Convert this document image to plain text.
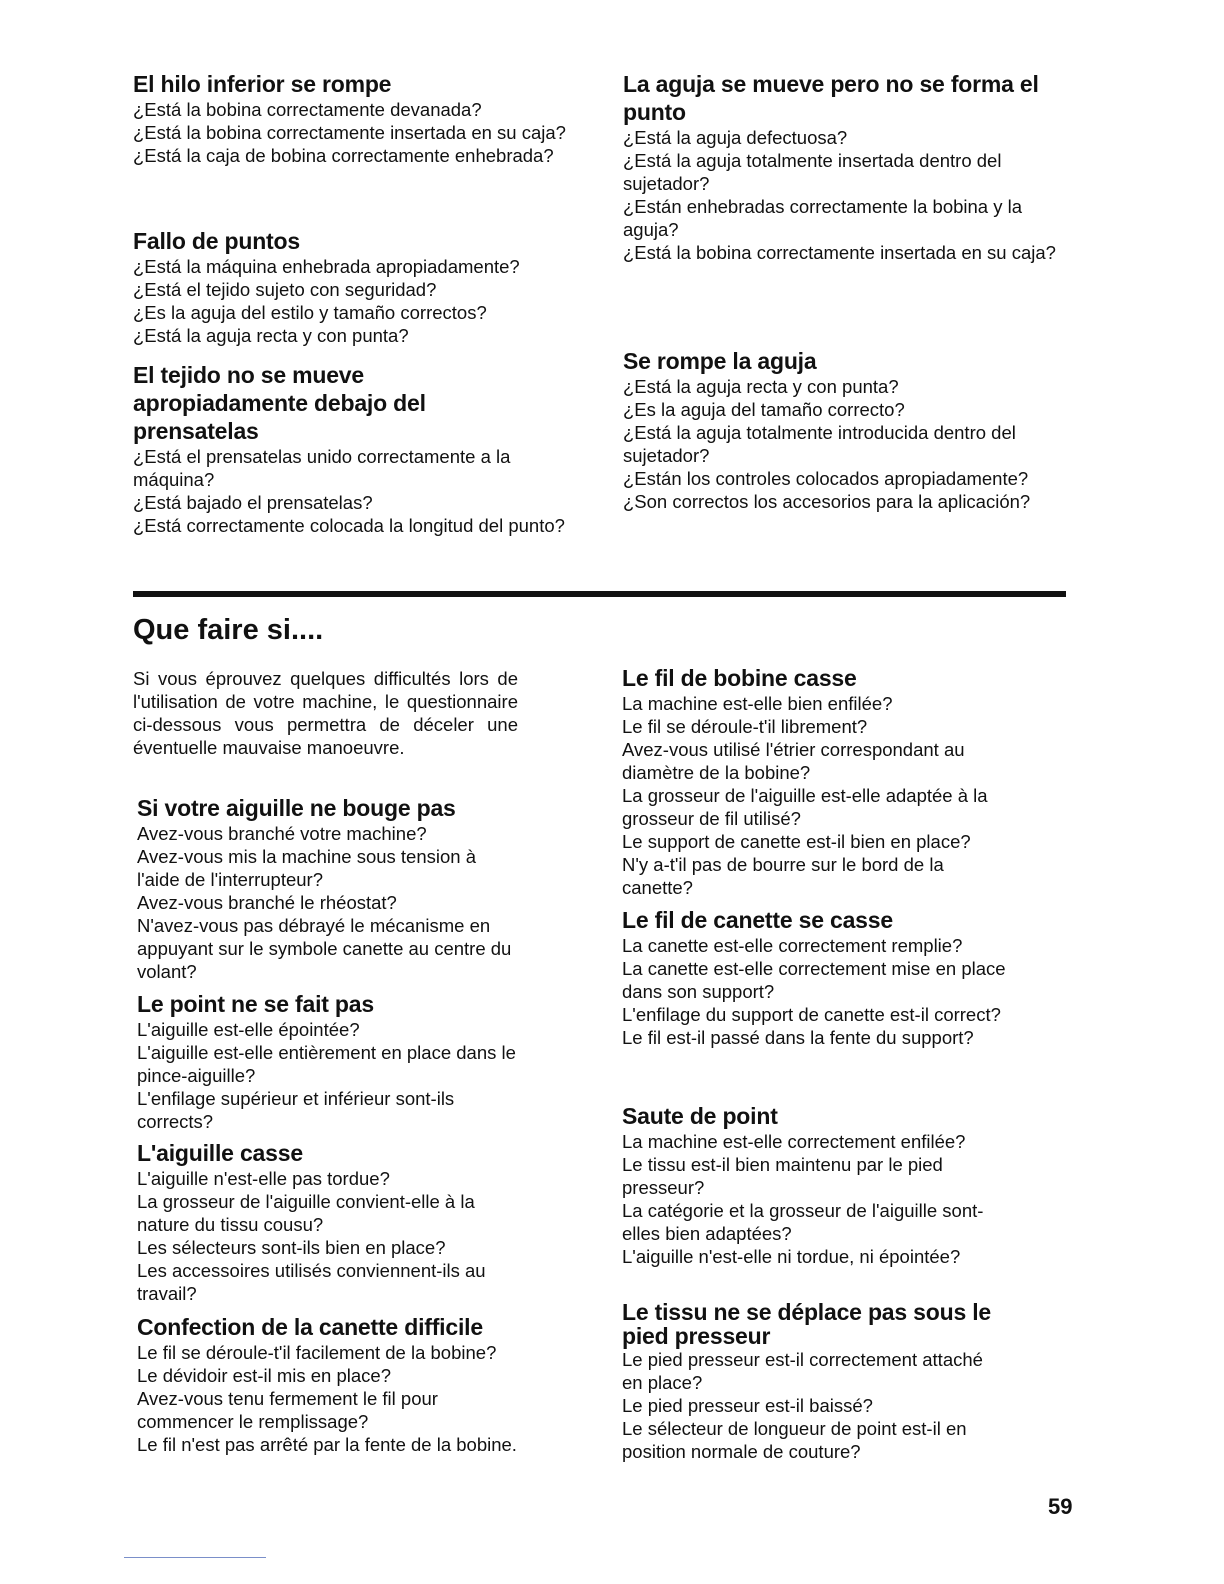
El hilo inferior se rompe

¿Está la bobina correctamente devanada?
¿Está la bobina correctamente insertada en su caja?
¿Está la caja de bobina correctamente enhebrada?

Fallo de puntos

¿Está la máquina enhebrada apropiadamente?
¿Está el tejido sujeto con seguridad?
¿Es la aguja del estilo y tamaño correctos?
¿Está la aguja recta y con punta?

El tejido no se mueve apropiadamente debajo del prensatelas

¿Está el prensatelas unido correctamente a la máquina?
¿Está bajado el prensatelas?
¿Está correctamente colocada la longitud del punto?

La aguja se mueve pero no se forma el punto

¿Está la aguja defectuosa?
¿Está la aguja totalmente insertada dentro del sujetador?
¿Están enhebradas correctamente la bobina y la aguja?
¿Está la bobina correctamente insertada en su caja?

Se rompe la aguja

¿Está la aguja recta y con punta?
¿Es la aguja del tamaño correcto?
¿Está la aguja totalmente introducida dentro del sujetador?
¿Están los controles colocados apropiadamente?
¿Son correctos los accesorios para la aplicación?

Que faire si....

Si vous éprouvez quelques difficultés lors de l'utilisation de votre machine, le questionnaire ci-dessous vous permettra de déceler une éventuelle mauvaise manoeuvre.

Si votre aiguille ne bouge pas

Avez-vous branché votre machine?
Avez-vous mis la machine sous tension à l'aide de l'interrupteur?
Avez-vous branché le rhéostat?
N'avez-vous pas débrayé le mécanisme en appuyant sur le symbole canette au centre du volant?

Le point ne se fait pas

L'aiguille est-elle épointée?
L'aiguille est-elle entièrement en place dans le pince-aiguille?
L'enfilage supérieur et inférieur sont-ils corrects?

L'aiguille casse

L'aiguille n'est-elle pas tordue?
La grosseur de l'aiguille convient-elle à la nature du tissu cousu?
Les sélecteurs sont-ils bien en place?
Les accessoires utilisés conviennent-ils au travail?

Confection de la canette difficile

Le fil se déroule-t'il facilement de la bobine?
Le dévidoir est-il mis en place?
Avez-vous tenu fermement le fil pour commencer le remplissage?
Le fil n'est pas arrêté par la fente de la bobine.

Le fil de bobine casse

La machine est-elle bien enfilée?
Le fil se déroule-t'il librement?
Avez-vous utilisé l'étrier correspondant au diamètre de la bobine?
La grosseur de l'aiguille est-elle adaptée à la grosseur de fil utilisé?
Le support de canette est-il bien en place?
N'y a-t'il pas de bourre sur le bord de la canette?

Le fil de canette se casse

La canette est-elle correctement remplie?
La canette est-elle correctement mise en place dans son support?
L'enfilage du support de canette est-il correct?
Le fil est-il passé dans la fente du support?

Saute de point

La machine est-elle correctement enfilée?
Le tissu est-il bien maintenu par le pied presseur?
La catégorie et la grosseur de l'aiguille sont-elles bien adaptées?
L'aiguille n'est-elle ni tordue, ni épointée?

Le tissu ne se déplace pas sous le pied presseur

Le pied presseur est-il correctement attaché en place?
Le pied presseur est-il baissé?
Le sélecteur de longueur de point est-il en position normale de couture?

59
